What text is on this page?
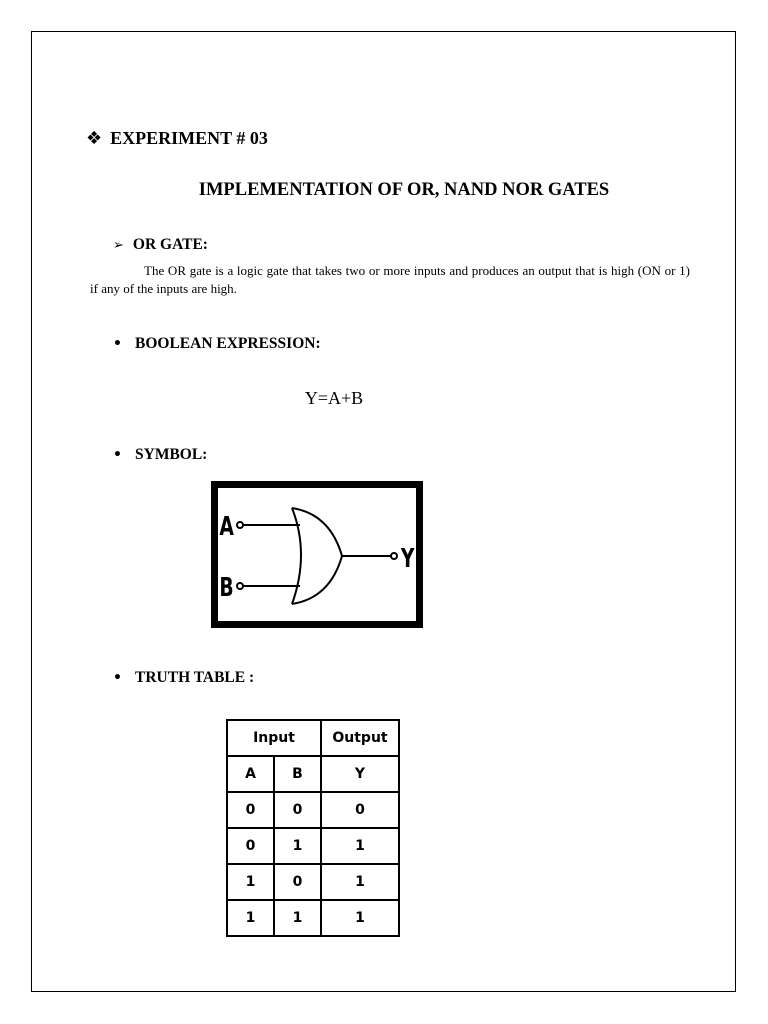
❖ EXPERIMENT # 03
IMPLEMENTATION OF OR, NAND NOR GATES
➢ OR GATE:
The OR gate is a logic gate that takes two or more inputs and produces an output that is high (ON or 1) if any of the inputs are high.
• BOOLEAN EXPRESSION:
Y=A+B
• SYMBOL:
A
B
Y
• TRUTH TABLE :
Input		Output
A	B	Y
0	0	0
0	1	1
1	0	1
1	1	1
